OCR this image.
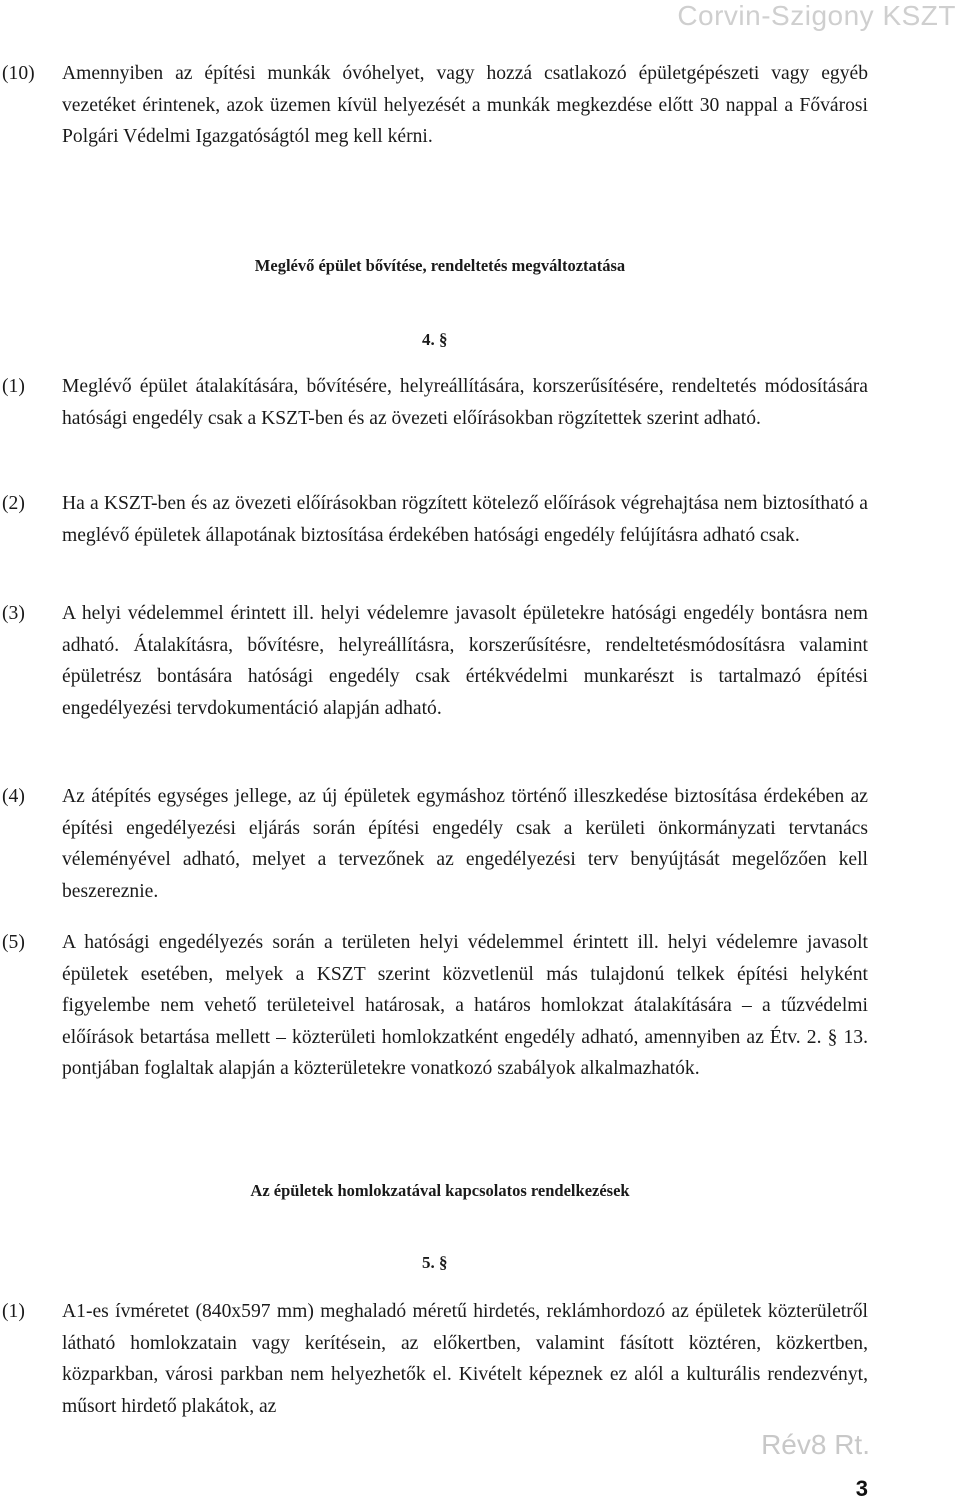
Corvin-Szigony KSZT
(10) Amennyiben az építési munkák óvóhelyet, vagy hozzá csatlakozó épületgépészeti vagy egyéb vezetéket érintenek, azok üzemen kívül helyezését a munkák megkezdése előtt 30 nappal a Fővárosi Polgári Védelmi Igazgatóságtól meg kell kérni.
Meglévő épület bővítése, rendeltetés megváltoztatása
4. §
(1) Meglévő épület átalakítására, bővítésére, helyreállítására, korszerűsítésére, rendeltetés módosítására hatósági engedély csak a KSZT-ben és az övezeti előírásokban rögzítettek szerint adható.
(2) Ha a KSZT-ben és az övezeti előírásokban rögzített kötelező előírások végrehajtása nem biztosítható a meglévő épületek állapotának biztosítása érdekében hatósági engedély felújításra adható csak.
(3) A helyi védelemmel érintett ill. helyi védelemre javasolt épületekre hatósági engedély bontásra nem adható. Átalakításra, bővítésre, helyreállításra, korszerűsítésre, rendeltetésmódosításra valamint épületrész bontására hatósági engedély csak értékvédelmi munkarészt is tartalmazó építési engedélyezési tervdokumentáció alapján adható.
(4) Az átépítés egységes jellege, az új épületek egymáshoz történő illeszkedése biztosítása érdekében az építési engedélyezési eljárás során építési engedély csak a kerületi önkormányzati tervtanács véleményével adható, melyet a tervezőnek az engedélyezési terv benyújtását megelőzően kell beszereznie.
(5) A hatósági engedélyezés során a területen helyi védelemmel érintett ill. helyi védelemre javasolt épületek esetében, melyek a KSZT szerint közvetlenül más tulajdonú telkek építési helyként figyelembe nem vehető területeivel határosak, a határos homlokzat átalakítására – a tűzvédelmi előírások betartása mellett – közterületi homlokzatként engedély adható, amennyiben az Étv. 2. § 13. pontjában foglaltak alapján a közterületekre vonatkozó szabályok alkalmazhatók.
Az épületek homlokzatával kapcsolatos rendelkezések
5. §
(1) A1-es ívméretet (840x597 mm) meghaladó méretű hirdetés, reklámhordozó az épületek közterületről látható homlokzatain vagy kerítésein, az előkertben, valamint fásított köztéren, közkertben, közparkban, városi parkban nem helyezhetők el. Kivételt képeznek ez alól a kulturális rendezvényt, műsort hirdető plakátok, az
Rév8 Rt.
3
